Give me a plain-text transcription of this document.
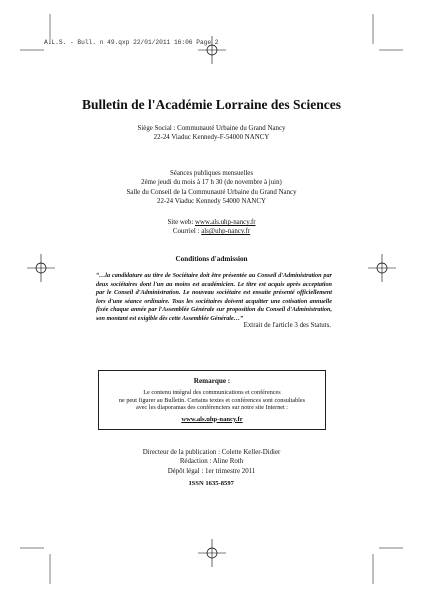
A.L.S. - Bull. n 49.qxp 22/01/2011 16:06 Page 2
Bulletin de l'Académie Lorraine des Sciences
Siège Social : Communauté Urbaine du Grand Nancy
22-24 Viaduc Kennedy-F-54000 NANCY
Séances publiques mensuelles
2ème jeudi du mois à 17 h 30 (de novembre à juin)
Salle du Conseil de la Communauté Urbaine du Grand Nancy
22-24 Viaduc Kennedy 54000 NANCY
Site web: www.als.uhp-nancy.fr
Courriel : als@uhp-nancy.fr
Conditions d'admission
“…la candidature au titre de Sociétaire doit être présentée au Conseil d'Administration par deux sociétaires dont l'un au moins est académicien. Le titre est acquis après acceptation par le Conseil d'Administration. Le nouveau sociétaire est ensuite présenté officiellement lors d'une séance ordinaire. Tous les sociétaires doivent acquitter une cotisation annuelle fixée chaque année par l'Assemblée Générale sur proposition du Conseil d'Administration, son montant est exigible dès cette Assemblée Générale…”
Extrait de l'article 3 des Statuts.
Remarque :
Le contenu intégral des communications et conférences
ne peut figurer au Bulletin. Certains textes et conférences sont consultables
avec les diaporamas des conférenciers sur notre site Internet :
www.als.uhp-nancy.fr
Directeur de la publication : Colette Keller-Didier
Rédaction : Aline Roth
Dépôt légal : 1er trimestre 2011
ISSN 1635-8597
